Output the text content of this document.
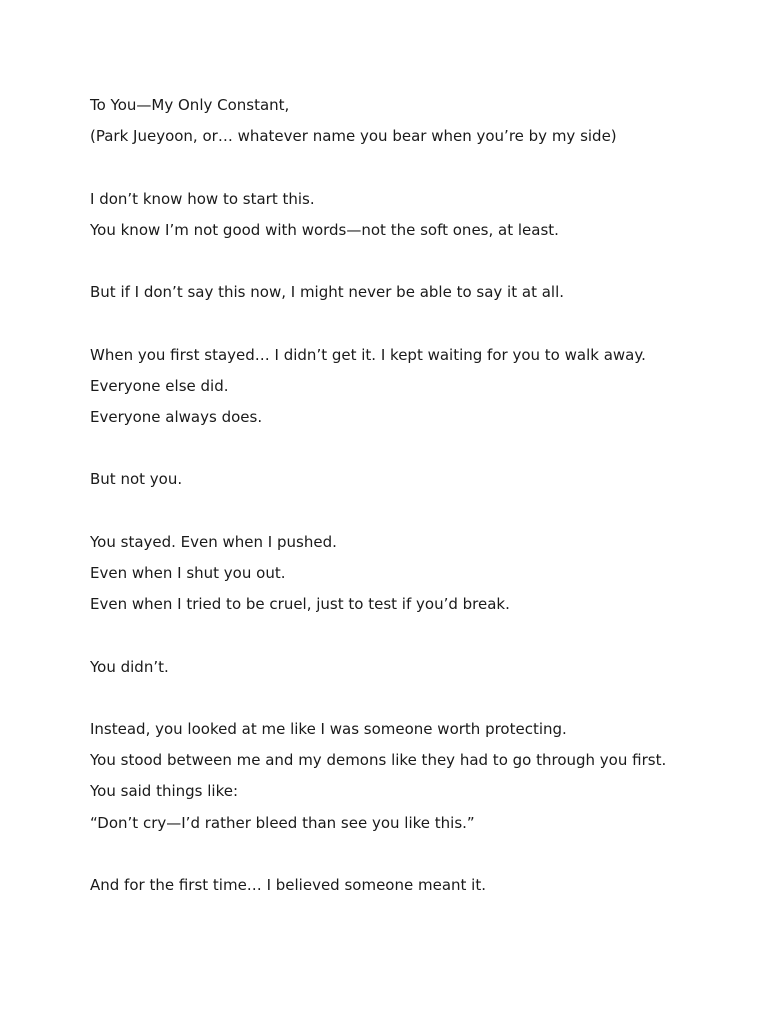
To You—My Only Constant,
(Park Jueyoon, or… whatever name you bear when you’re by my side)
I don’t know how to start this.
You know I’m not good with words—not the soft ones, at least.
But if I don’t say this now, I might never be able to say it at all.
When you first stayed… I didn’t get it. I kept waiting for you to walk away.
Everyone else did.
Everyone always does.
But not you.
You stayed. Even when I pushed.
Even when I shut you out.
Even when I tried to be cruel, just to test if you’d break.
You didn’t.
Instead, you looked at me like I was someone worth protecting.
You stood between me and my demons like they had to go through you first.
You said things like:
“Don’t cry—I’d rather bleed than see you like this.”
And for the first time… I believed someone meant it.
